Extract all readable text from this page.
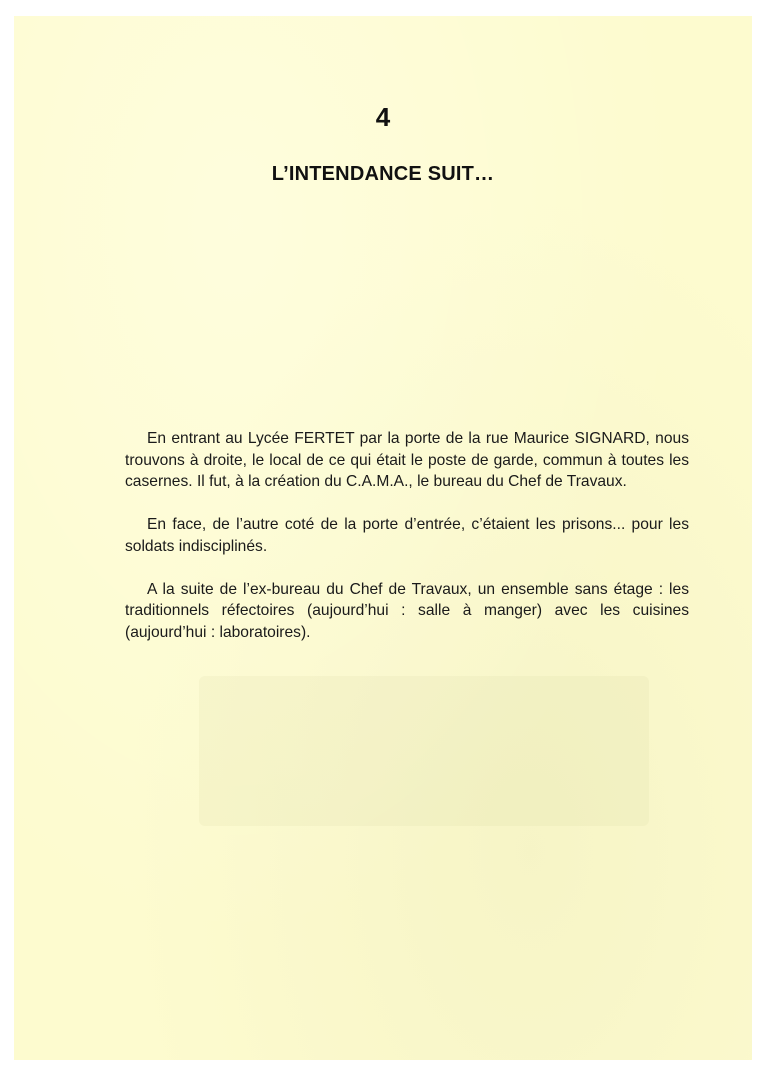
4
L’INTENDANCE SUIT…

En entrant au Lycée FERTET par la porte de la rue Maurice SIGNARD, nous trouvons à droite, le local de ce qui était le poste de garde, commun à toutes les casernes. Il fut, à la création du C.A.M.A., le bureau du Chef de Travaux.

En face, de l’autre coté de la porte d’entrée, c’étaient les prisons... pour les soldats indisciplinés.

A la suite de l’ex-bureau du Chef de Travaux, un ensemble sans étage : les traditionnels réfectoires (aujourd’hui : salle à manger) avec les cuisines (aujourd’hui : laboratoires).
